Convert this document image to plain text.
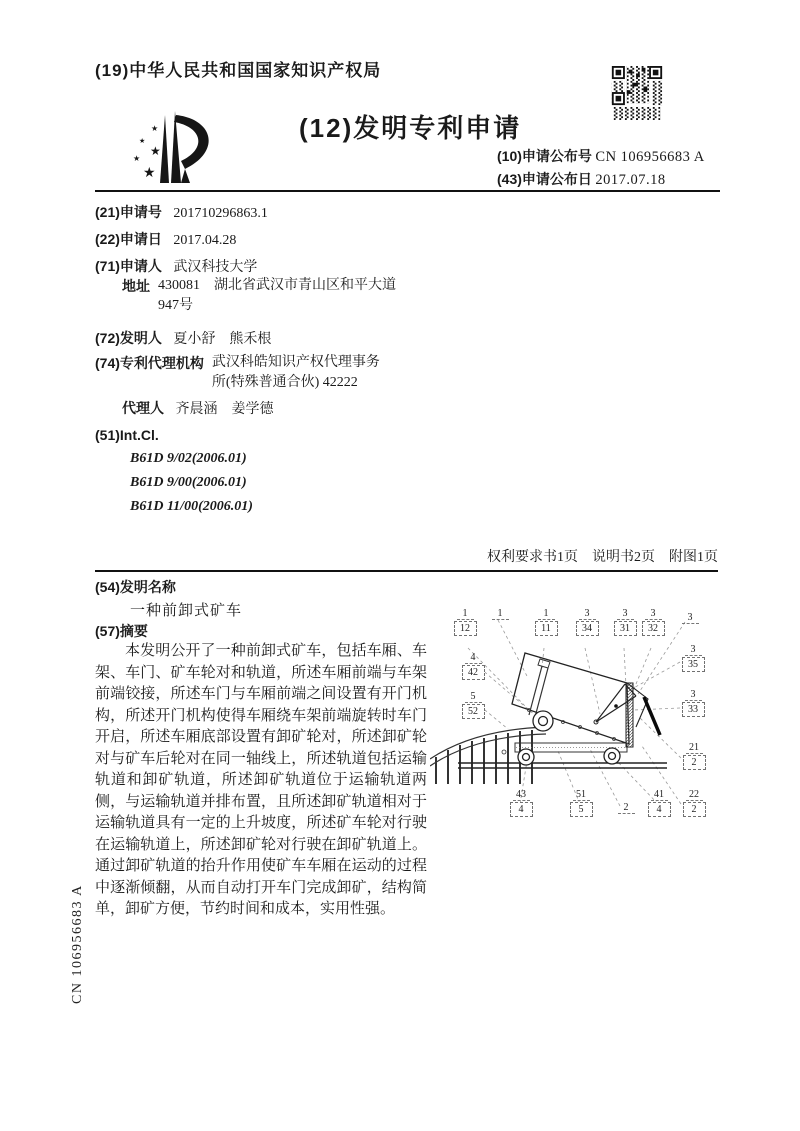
(19)中华人民共和国国家知识产权局
★
★
★
★
★
(12)发明专利申请
(10)申请公布号 CN 106956683 A
(43)申请公布日 2017.07.18
(21)申请号 201710296863.1
(22)申请日 2017.04.28
(71)申请人 武汉科技大学
地址 430081　湖北省武汉市青山区和平大道947号
(72)发明人 夏小舒　熊禾根
(74)专利代理机构 武汉科皓知识产权代理事务所(特殊普通合伙) 42222
代理人 齐晨涵　姜学德
(51)Int.Cl.
B61D 9/02(2006.01)
B61D 9/00(2006.01)
B61D 11/00(2006.01)
权利要求书1页　说明书2页　附图1页
(54)发明名称
一种前卸式矿车
(57)摘要
本发明公开了一种前卸式矿车，包括车厢、车架、车门、矿车轮对和轨道，所述车厢前端与车架前端铰接，所述车门与车厢前端之间设置有开门机构，所述开门机构使得车厢绕车架前端旋转时车门开启，所述车厢底部设置有卸矿轮对，所述卸矿轮对与矿车后轮对在同一轴线上，所述轨道包括运输轨道和卸矿轨道，所述卸矿轨道位于运输轨道两侧，与运输轨道并排布置，且所述卸矿轨道相对于运输轨道具有一定的上升坡度，所述矿车轮对行驶在运输轨道上，所述卸矿轮对行驶在卸矿轨道上。通过卸矿轨道的抬升作用使矿车车厢在运动的过程中逐渐倾翻，从而自动打开车门完成卸矿，结构简单，卸矿方便，节约时间和成本，实用性强。
1
12
1	1
11
3
34
3
31
3
32
3
3
35
3
33
21
2
22
2
4
42
5
52
43
4
51
5	2
41
4
CN 106956683 A
